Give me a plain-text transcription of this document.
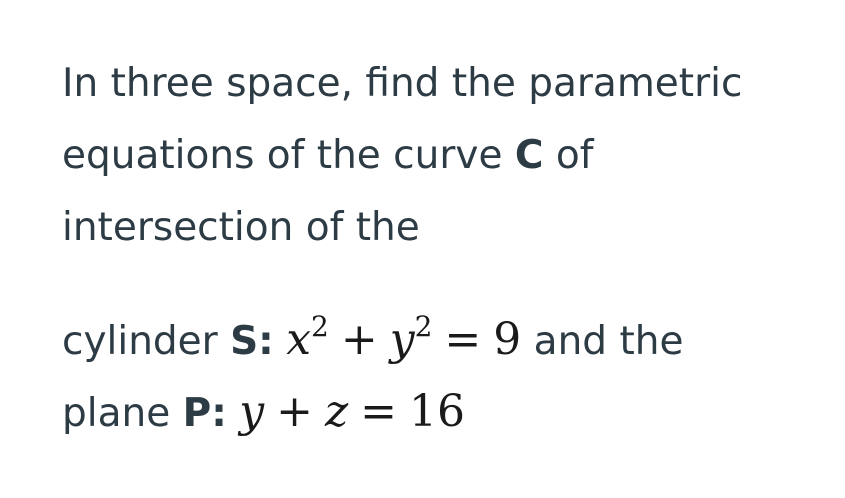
In three space, find the parametric
equations of the curve C of
intersection of the
cylinder S: $x^2 + y^2 = 9$ and the
plane P: y + z = 16
